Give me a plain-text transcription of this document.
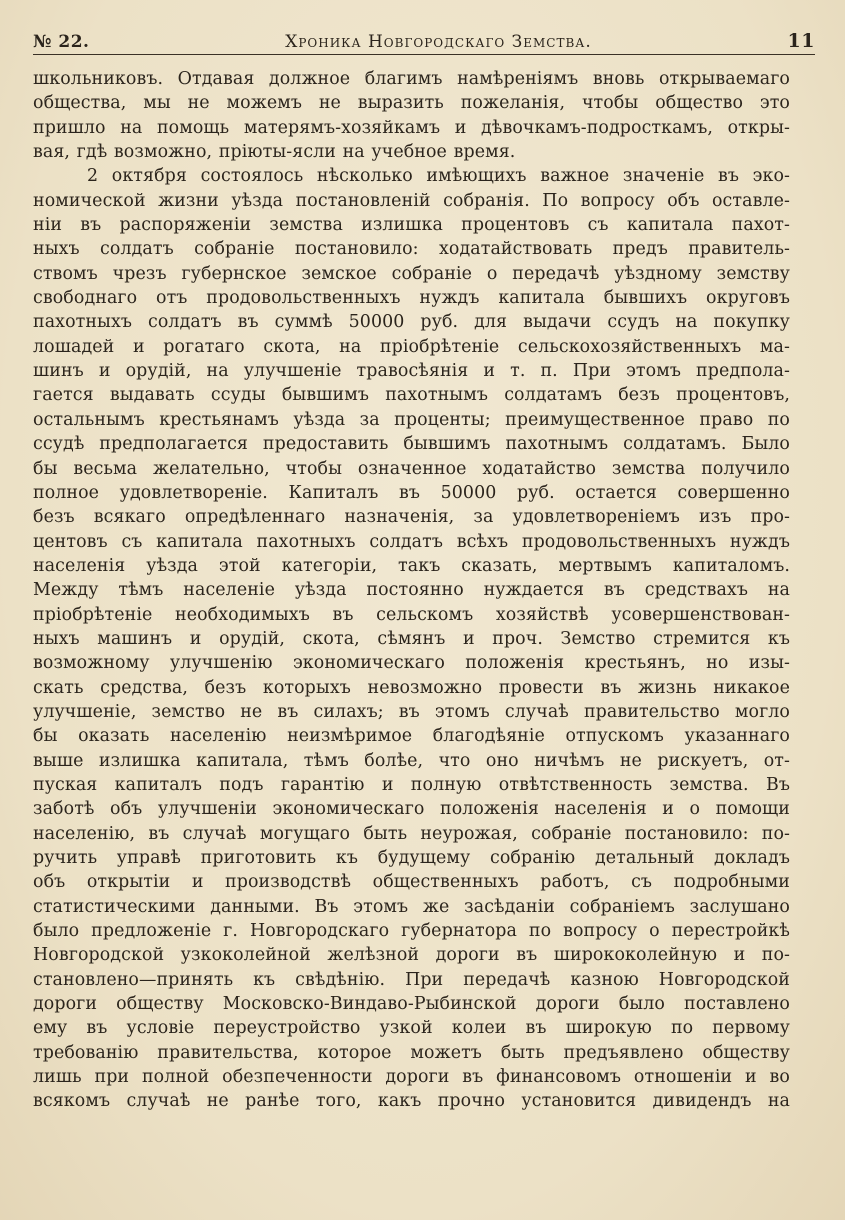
№ 22.	Хроника Новгородскаго Земства.	11
школьниковъ. Отдавая должное благимъ намѣреніямъ вновь открываемаго
общества, мы не можемъ не выразить пожеланія, чтобы общество это
пришло на помощь матерямъ-хозяйкамъ и дѣвочкамъ-подросткамъ, откры-
вая, гдѣ возможно, пріюты-ясли на учебное время.
2 октября состоялось нѣсколько имѣющихъ важное значеніе въ эко-
номической жизни уѣзда постановленій собранія. По вопросу объ оставле-
ніи въ распоряженіи земства излишка процентовъ съ капитала пахот-
ныхъ солдатъ собраніе постановило: ходатайствовать предъ правитель-
ствомъ чрезъ губернское земское собраніе о передачѣ уѣздному земству
свободнаго отъ продовольственныхъ нуждъ капитала бывшихъ округовъ
пахотныхъ солдатъ въ суммѣ 50000 руб. для выдачи ссудъ на покупку
лошадей и рогатаго скота, на пріобрѣтеніе сельскохозяйственныхъ ма-
шинъ и орудій, на улучшеніе травосѣянія и т. п. При этомъ предпола-
гается выдавать ссуды бывшимъ пахотнымъ солдатамъ безъ процентовъ,
остальнымъ крестьянамъ уѣзда за проценты; преимущественное право по
ссудѣ предполагается предоставить бывшимъ пахотнымъ солдатамъ. Было
бы весьма желательно, чтобы означенное ходатайство земства получило
полное удовлетвореніе. Капиталъ въ 50000 руб. остается совершенно
безъ всякаго опредѣленнаго назначенія, за удовлетвореніемъ изъ про-
центовъ съ капитала пахотныхъ солдатъ всѣхъ продовольственныхъ нуждъ
населенія уѣзда этой категоріи, такъ сказать, мертвымъ капиталомъ.
Между тѣмъ населеніе уѣзда постоянно нуждается въ средствахъ на
пріобрѣтеніе необходимыхъ въ сельскомъ хозяйствѣ усовершенствован-
ныхъ машинъ и орудій, скота, сѣмянъ и проч. Земство стремится къ
возможному улучшенію экономическаго положенія крестьянъ, но изы-
скать средства, безъ которыхъ невозможно провести въ жизнь никакое
улучшеніе, земство не въ силахъ; въ этомъ случаѣ правительство могло
бы оказать населенію неизмѣримое благодѣяніе отпускомъ указаннаго
выше излишка капитала, тѣмъ болѣе, что оно ничѣмъ не рискуетъ, от-
пуская капиталъ подъ гарантію и полную отвѣтственность земства. Въ
заботѣ объ улучшеніи экономическаго положенія населенія и о помощи
населенію, въ случаѣ могущаго быть неурожая, собраніе постановило: по-
ручить управѣ приготовить къ будущему собранію детальный докладъ
объ открытіи и производствѣ общественныхъ работъ, съ подробными
статистическими данными. Въ этомъ же засѣданіи собраніемъ заслушано
было предложеніе г. Новгородскаго губернатора по вопросу о перестройкѣ
Новгородской узкоколейной желѣзной дороги въ ширококолейную и по-
становлено—принять къ свѣдѣнію. При передачѣ казною Новгородской
дороги обществу Московско-Виндаво-Рыбинской дороги было поставлено
ему въ условіе переустройство узкой колеи въ широкую по первому
требованію правительства, которое можетъ быть предъявлено обществу
лишь при полной обезпеченности дороги въ финансовомъ отношеніи и во
всякомъ случаѣ не ранѣе того, какъ прочно установится дивидендъ на
